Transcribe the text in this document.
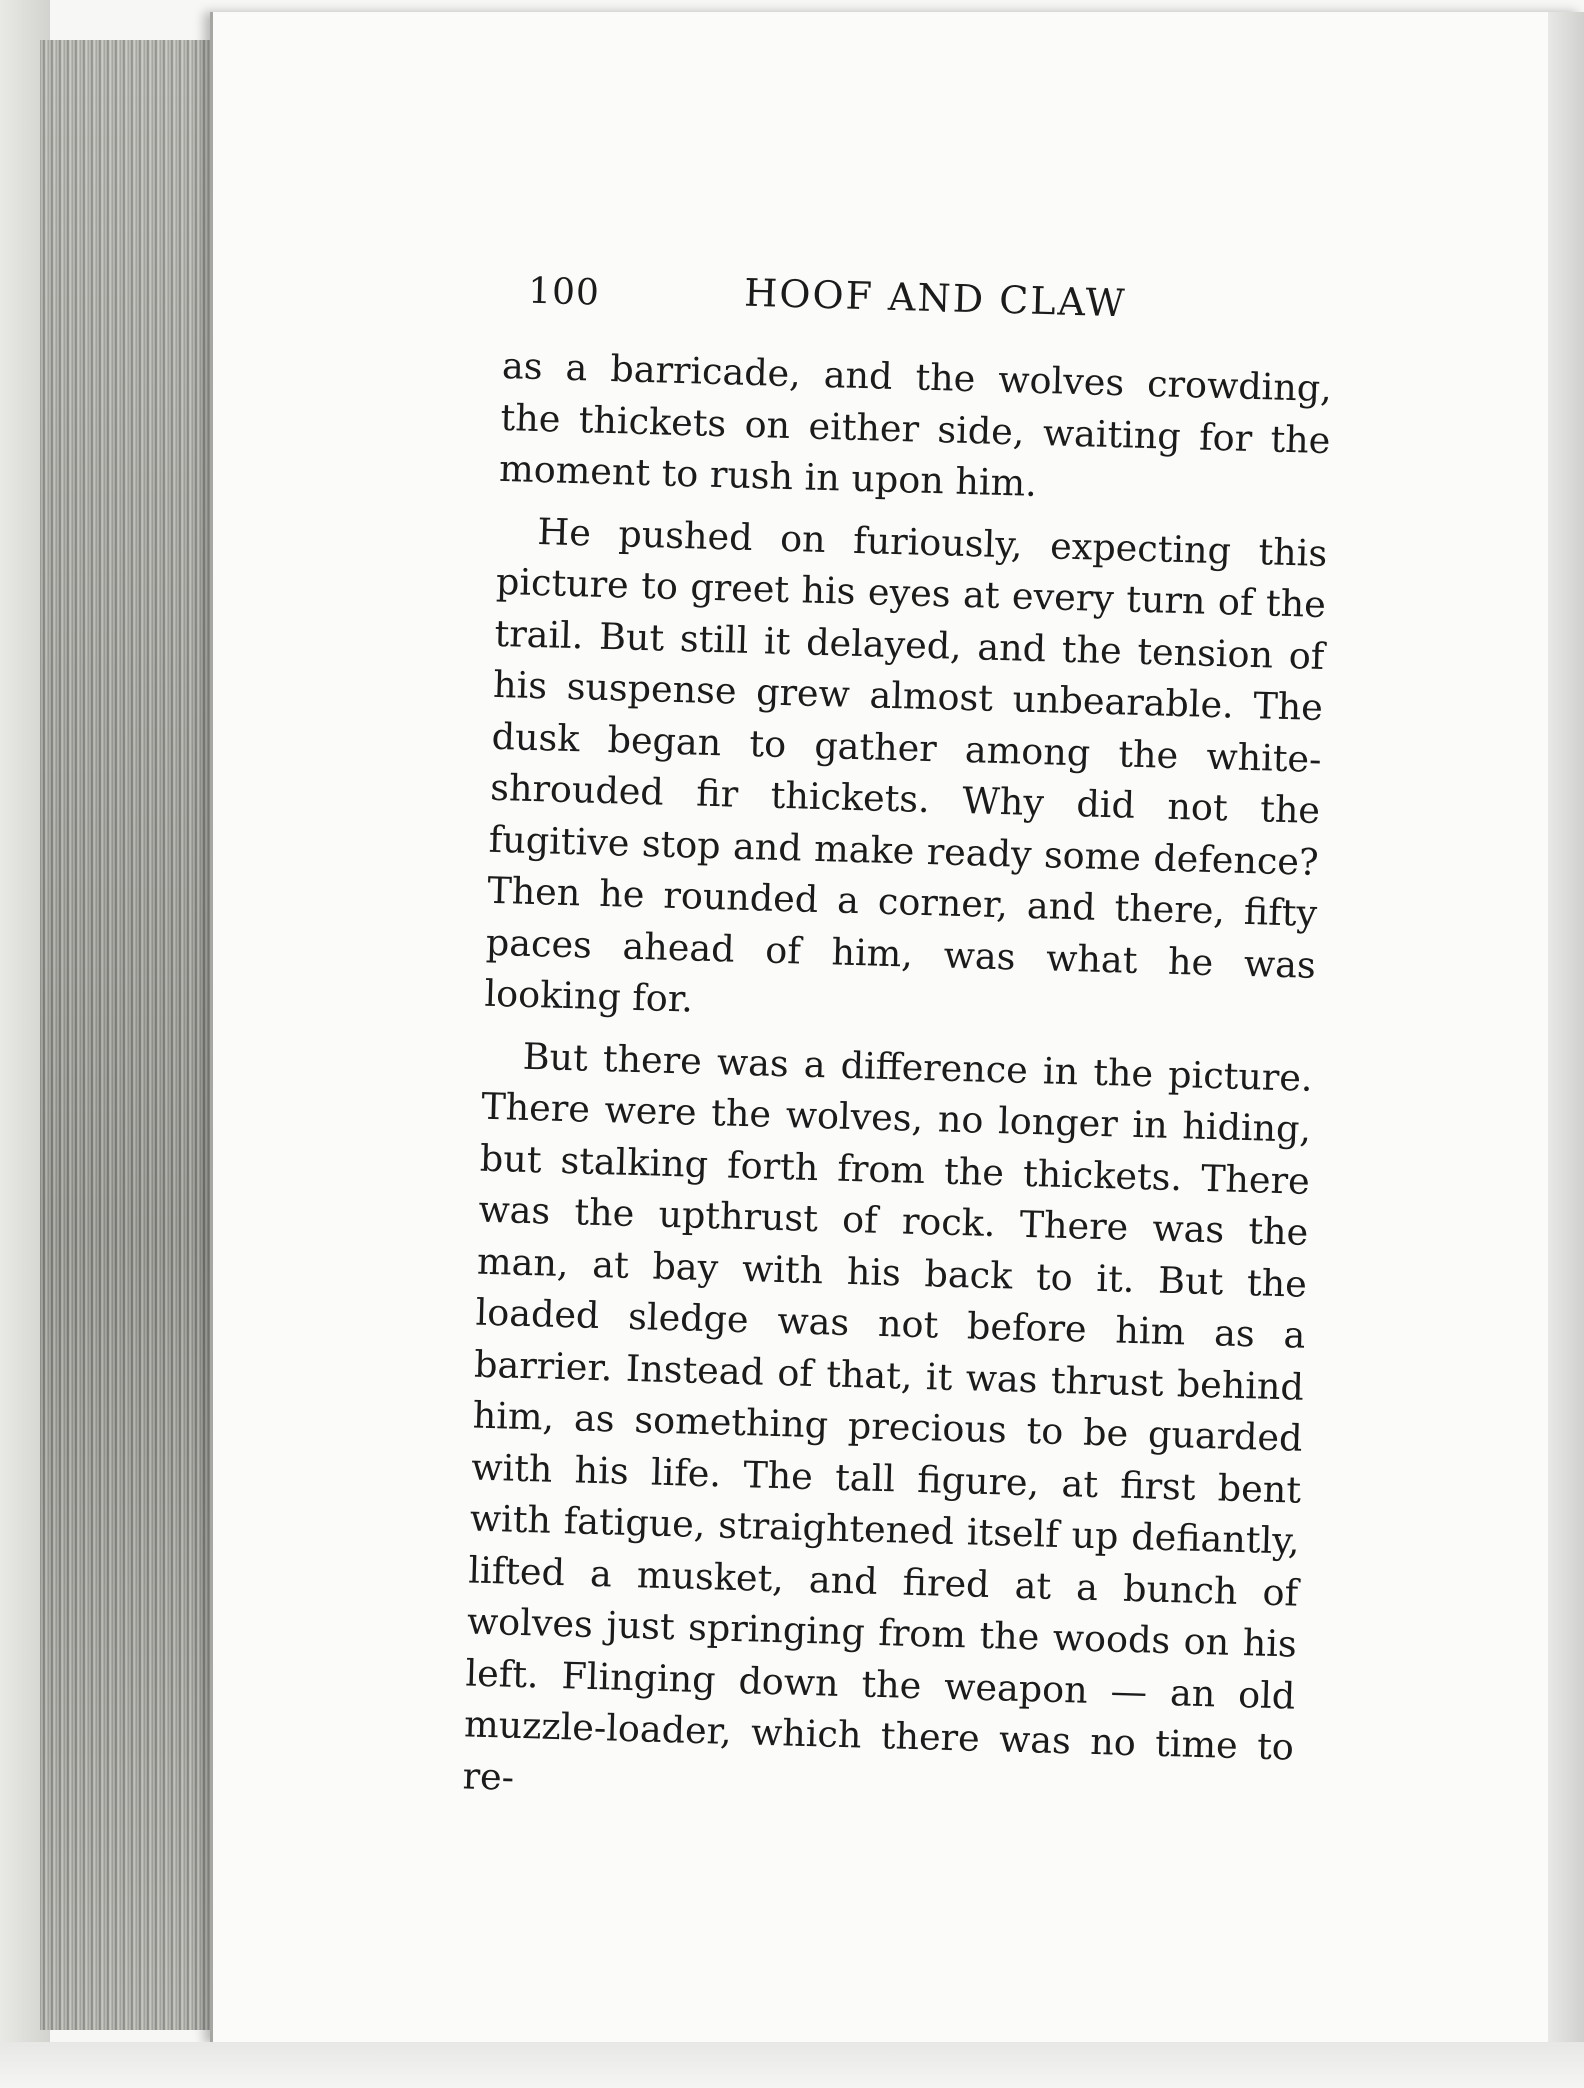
100	HOOF AND CLAW

as a barricade, and the wolves crowding, the thickets on either side, waiting for the moment to rush in upon him.

He pushed on furiously, expecting this picture to greet his eyes at every turn of the trail. But still it delayed, and the tension of his suspense grew almost unbearable. The dusk began to gather among the white-shrouded fir thickets. Why did not the fugitive stop and make ready some defence? Then he rounded a corner, and there, fifty paces ahead of him, was what he was looking for.

But there was a difference in the picture. There were the wolves, no longer in hiding, but stalking forth from the thickets. There was the upthrust of rock. There was the man, at bay with his back to it. But the loaded sledge was not before him as a barrier. Instead of that, it was thrust behind him, as something precious to be guarded with his life. The tall figure, at first bent with fatigue, straightened itself up defiantly, lifted a musket, and fired at a bunch of wolves just springing from the woods on his left. Flinging down the weapon — an old muzzle-loader, which there was no time to re-
